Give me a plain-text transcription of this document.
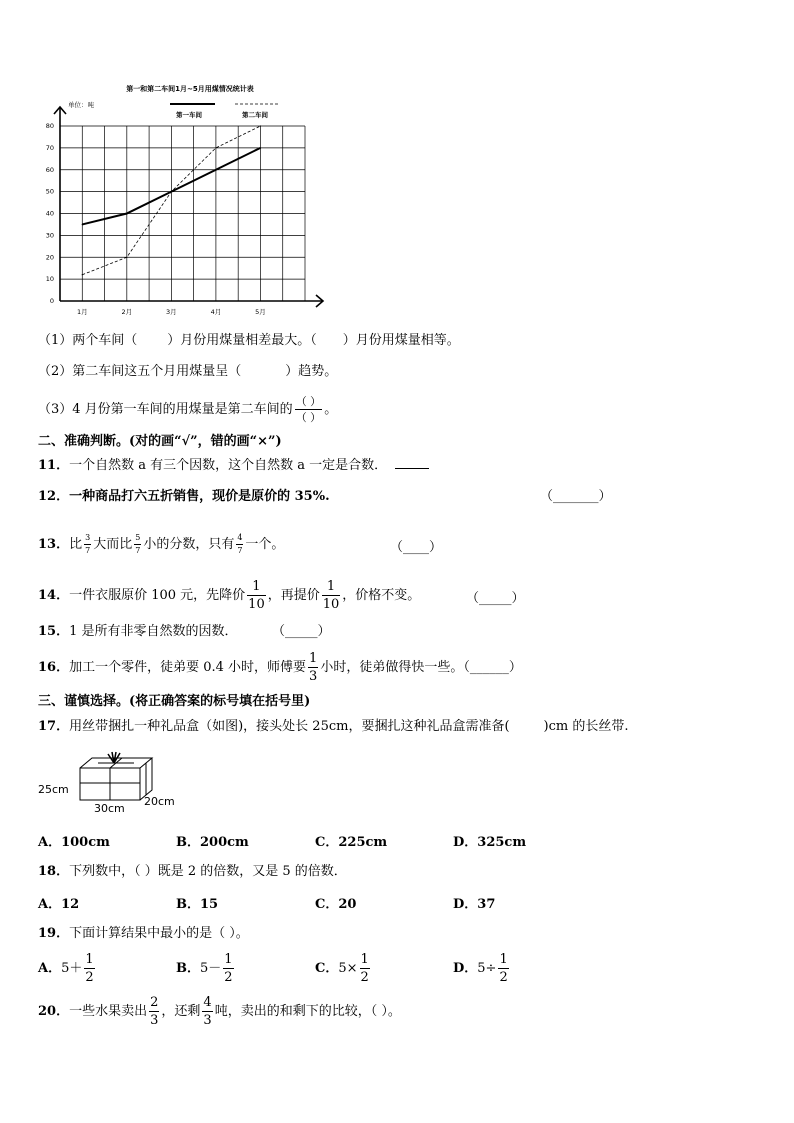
第一和第二车间1月~5月用煤情况统计表
单位：吨
第一车间	第二车间
0
10
20
30
40
50
60
70
80
1月	2月	3月	4月	5月
（1）两个车间（ ）月份用煤量相差最大。（ ）月份用煤量相等。
（2）第二车间这五个月用煤量呈（	）趋势。
（3）4 月份第一车间的用煤量是第二车间的 $\frac{( )}{( )}$ 。
二、准确判断。(对的画“√”，错的画“×”)
11．一个自然数 a 有三个因数，这个自然数 a 一定是合数．
12．一种商品打六五折销售，现价是原价的 35%.	（_______）
13．比 $\frac{3}{7}$ 大而比 $\frac{5}{7}$ 小的分数，只有 $\frac{4}{7}$ 一个。	（____）
14．一件衣服原价 100 元，先降价 $\frac{1}{10}$ ，再提价 $\frac{1}{10}$ ，价格不变。	（_____）
15．1 是所有非零自然数的因数．	（_____）
16．加工一个零件，徒弟要 0.4 小时，师傅要 $\frac{1}{3}$ 小时，徒弟做得快一些。（______）
三、谨慎选择。(将正确答案的标号填在括号里)
17．用丝带捆扎一种礼品盒（如图)，接头处长 25cm，要捆扎这种礼品盒需准备(	)cm 的长丝带.
25cm
30cm
20cm
A．100cm	B．200cm	C．225cm	D．325cm
18．下列数中，（ ）既是 2 的倍数，又是 5 的倍数．
A．12	B．15	C．20	D．37
19．下面计算结果中最小的是（ ）。
A．$5+ \frac{1}{2}$	B．$5- \frac{1}{2}$	C．$5\times \frac{1}{2}$	D．$5\div \frac{1}{2}$
20．一些水果卖出 $\frac{2}{3}$ ，还剩 $\frac{4}{3}$ 吨，卖出的和剩下的比较，（ ）。
